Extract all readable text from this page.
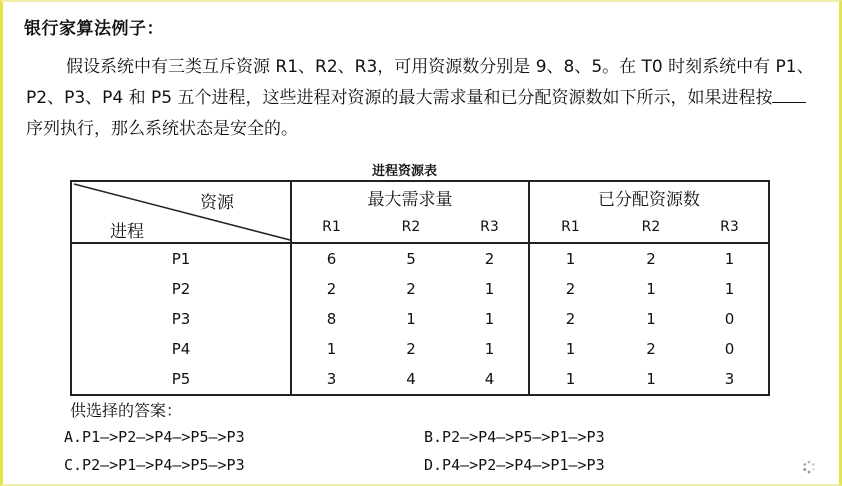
银行家算法例子：
假设系统中有三类互斥资源 R1、R2、R3，可用资源数分别是 9、8、5。在 T0 时刻系统中有 P1、P2、P3、P4 和 P5 五个进程，这些进程对资源的最大需求量和已分配资源数如下所示，如果进程按序列执行，那么系统状态是安全的。
进程资源表
资源
进程	最大需求量			已分配资源数		
	R1	R2	R3	R1	R2	R3
P1	6	5	2	1	2	1
P2	2	2	1	2	1	1
P3	8	1	1	2	1	0
P4	1	2	1	1	2	0
P5	3	4	4	1	1	3
供选择的答案：
A.P1—>P2—>P4—>P5—>P3	B.P2—>P4—>P5—>P1—>P3
C.P2—>P1—>P4—>P5—>P3	D.P4—>P2—>P4—>P1—>P3
